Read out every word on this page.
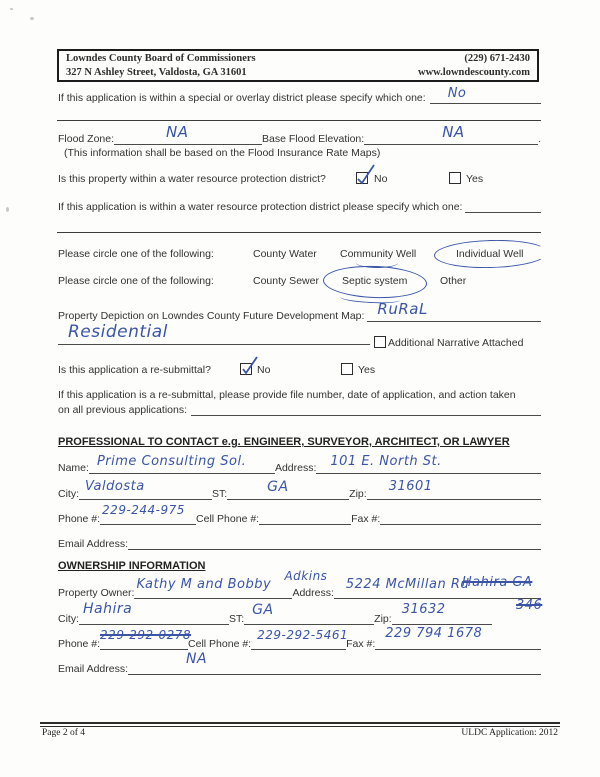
Lowndes County Board of Commissioners
327 N Ashley Street, Valdosta, GA 31601
(229) 671-2430
www.lowndescounty.com
If this application is within a special or overlay district please specify which one: No
Flood Zone:	NA	Base Flood Elevation:	NA	.
(This information shall be based on the Flood Insurance Rate Maps)
Is this property within a water resource protection district?	No	Yes
If this application is within a water resource protection district please specify which one:
Please circle one of the following:	County Water Community Well	Individual Well
Please circle one of the following:	County Sewer Septic system	Other
Property Depiction on Lowndes County Future Development Map: RuRaL
Residential
Additional Narrative Attached
Is this application a re-submittal?	No	Yes
If this application is a re-submittal, please provide file number, date of application, and action taken
on all previous applications:
PROFESSIONAL TO CONTACT e.g. ENGINEER, SURVEYOR, ARCHITECT, OR LAWYER
Name: Prime Consulting Sol.	Address: 101 E. North St.
City: Valdosta	ST:	GA	Zip: 31601
Phone #:
229-244-975
Cell Phone #:	Fax #:
Email Address:
OWNERSHIP INFORMATION
Property Owner:
Kathy M and Bobby
Adkins
Address:
5224 McMillan Rd
Hahira GA
346
City:
Hahira
ST:
GA
Zip:
31632
Phone #:
229-292-0278
Cell Phone #:
229-292-5461
Fax #:
229 794 1678
Email Address:
NA
Page 2 of 4	ULDC Application: 2012
